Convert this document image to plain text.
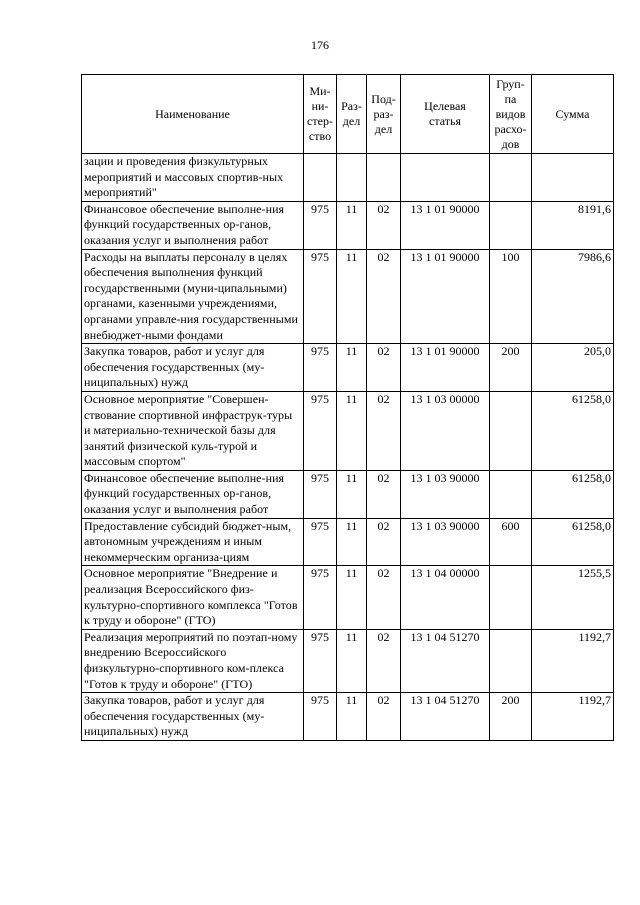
176
Наименование	Ми-
ни-
стер-
ство	Раз-
дел	Под-
раз-
дел	Целевая
статья	Груп-
па
видов
расхо-
дов	Сумма
зации и проведения физкультурных мероприятий и массовых спортив-ных мероприятий"						
Финансовое обеспечение выполне-ния функций государственных ор-ганов, оказания услуг и выполнения работ	975	11	02	13 1 01 90000		8191,6
Расходы на выплаты персоналу в целях обеспечения выполнения функций государственными (муни-ципальными) органами, казенными учреждениями, органами управле-ния государственными внебюджет-ными фондами	975	11	02	13 1 01 90000	100	7986,6
Закупка товаров, работ и услуг для обеспечения государственных (му-ниципальных) нужд	975	11	02	13 1 01 90000	200	205,0
Основное мероприятие "Совершен-ствование спортивной инфраструк-туры и материально-технической базы для занятий физической куль-турой и массовым спортом"	975	11	02	13 1 03 00000		61258,0
Финансовое обеспечение выполне-ния функций государственных ор-ганов, оказания услуг и выполнения работ	975	11	02	13 1 03 90000		61258,0
Предоставление субсидий бюджет-ным, автономным учреждениям и иным некоммерческим организа-циям	975	11	02	13 1 03 90000	600	61258,0
Основное мероприятие "Внедрение и реализация Всероссийского физ-культурно-спортивного комплекса "Готов к труду и обороне" (ГТО)	975	11	02	13 1 04 00000		1255,5
Реализация мероприятий по поэтап-ному внедрению Всероссийского физкультурно-спортивного ком-плекса "Готов к труду и обороне" (ГТО)	975	11	02	13 1 04 51270		1192,7
Закупка товаров, работ и услуг для обеспечения государственных (му-ниципальных) нужд	975	11	02	13 1 04 51270	200	1192,7
